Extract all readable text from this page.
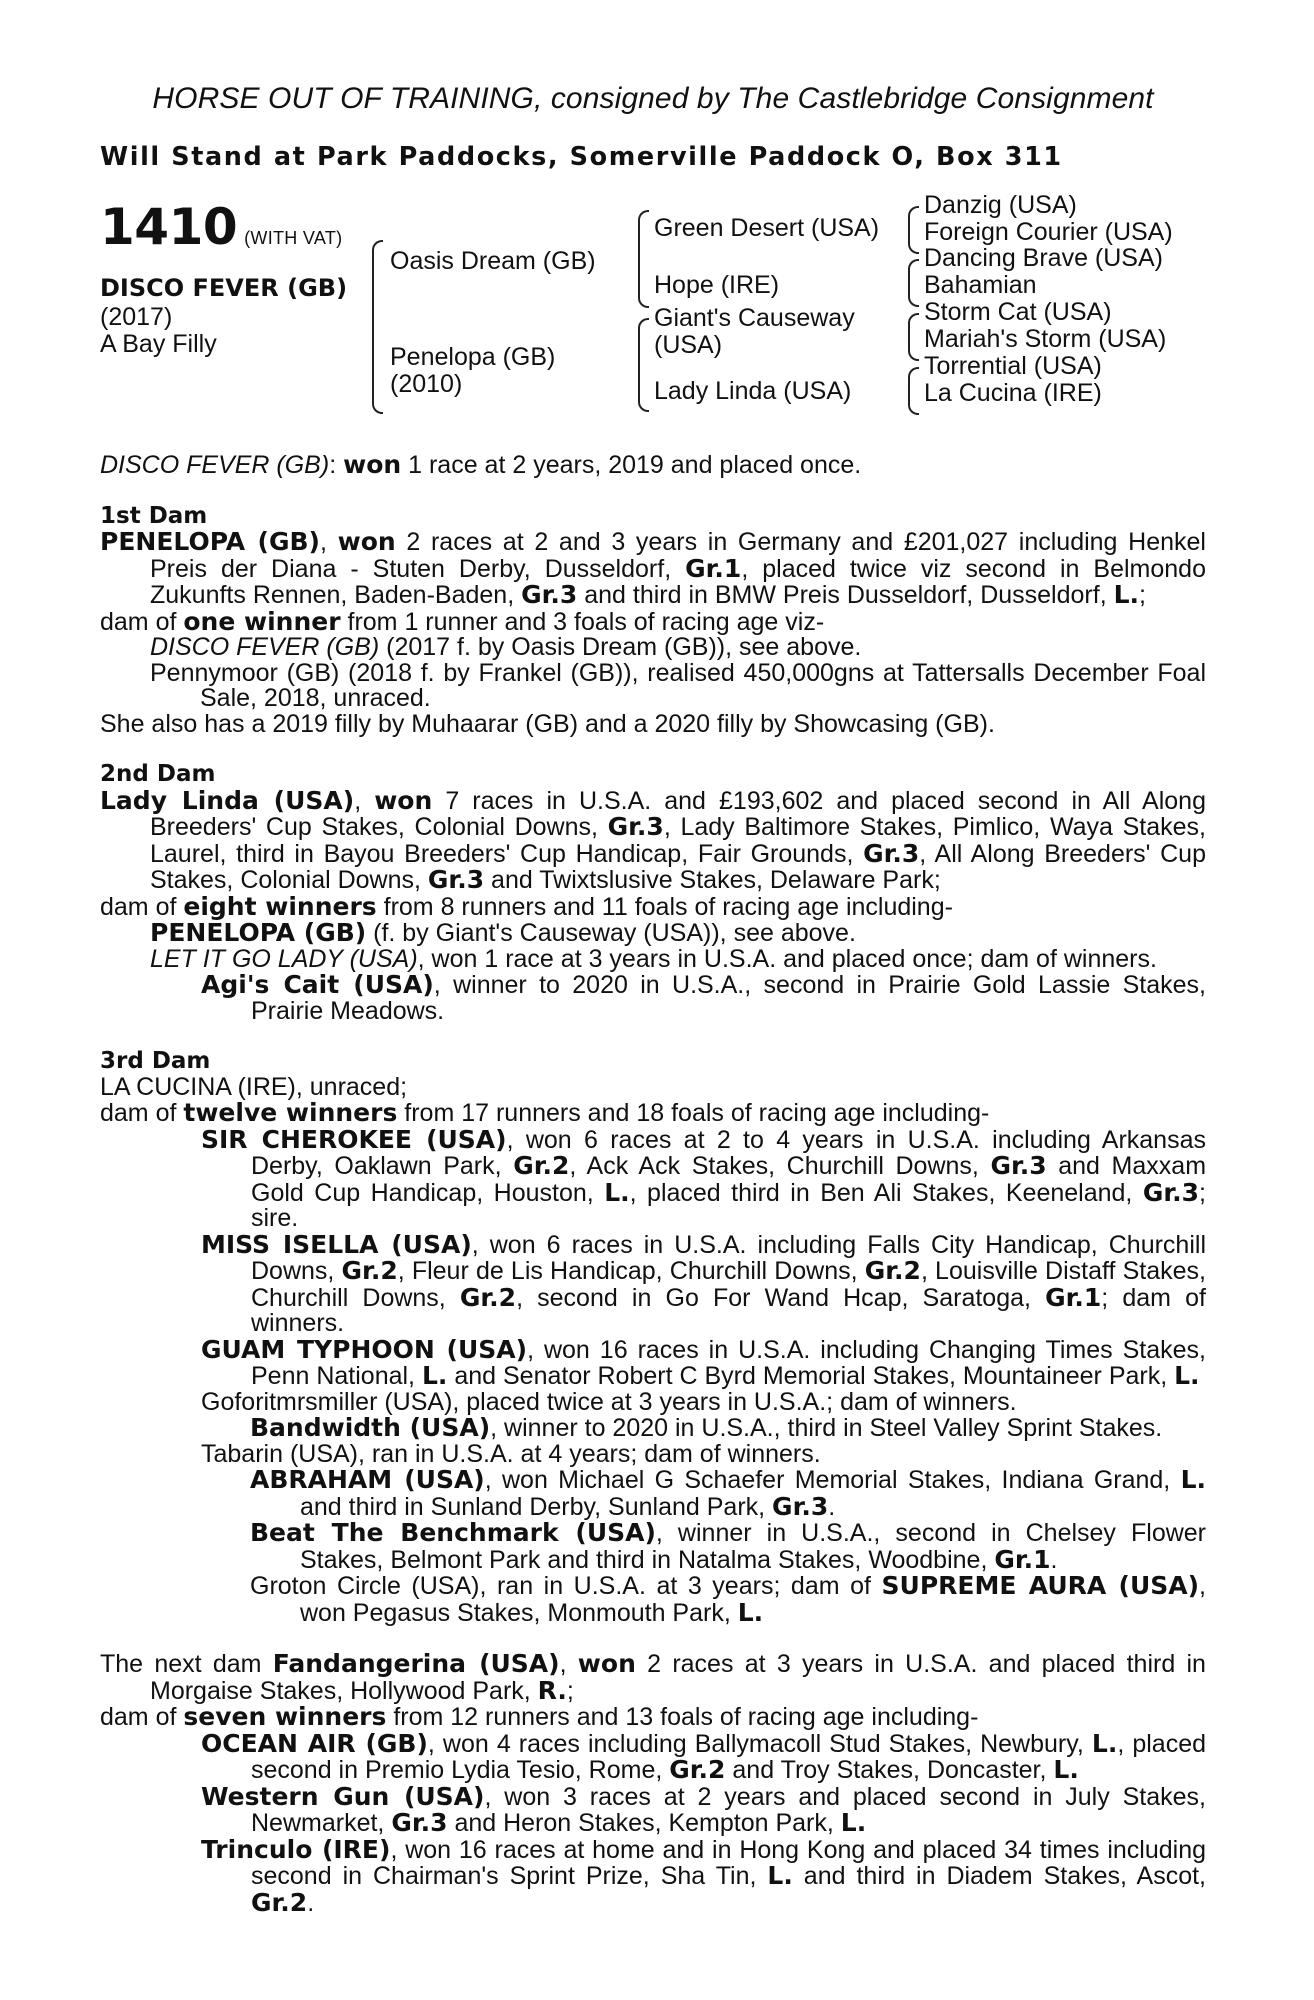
HORSE OUT OF TRAINING, consigned by The Castlebridge Consignment
Will Stand at Park Paddocks, Somerville Paddock O, Box 311
1410 (WITH VAT)
DISCO FEVER (GB)
(2017)
A Bay Filly
Oasis Dream (GB)
Penelopa (GB)
(2010)
Green Desert (USA)
Hope (IRE)
Giant's Causeway
(USA)
Lady Linda (USA)
Danzig (USA)
Foreign Courier (USA)
Dancing Brave (USA)
Bahamian
Storm Cat (USA)
Mariah's Storm (USA)
Torrential (USA)
La Cucina (IRE)

DISCO FEVER (GB): won 1 race at 2 years, 2019 and placed once.

1st Dam

PENELOPA (GB), won 2 races at 2 and 3 years in Germany and £201,027 including Henkel Preis der Diana - Stuten Derby, Dusseldorf, Gr.1, placed twice viz second in Belmondo Zukunfts Rennen, Baden-Baden, Gr.3 and third in BMW Preis Dusseldorf, Dusseldorf, L.;

dam of one winner from 1 runner and 3 foals of racing age viz-

DISCO FEVER (GB) (2017 f. by Oasis Dream (GB)), see above.

Pennymoor (GB) (2018 f. by Frankel (GB)), realised 450,000gns at Tattersalls December Foal Sale, 2018, unraced.

She also has a 2019 filly by Muhaarar (GB) and a 2020 filly by Showcasing (GB).

2nd Dam

Lady Linda (USA), won 7 races in U.S.A. and £193,602 and placed second in All Along Breeders' Cup Stakes, Colonial Downs, Gr.3, Lady Baltimore Stakes, Pimlico, Waya Stakes, Laurel, third in Bayou Breeders' Cup Handicap, Fair Grounds, Gr.3, All Along Breeders' Cup Stakes, Colonial Downs, Gr.3 and Twixtslusive Stakes, Delaware Park;

dam of eight winners from 8 runners and 11 foals of racing age including-

PENELOPA (GB) (f. by Giant's Causeway (USA)), see above.

LET IT GO LADY (USA), won 1 race at 3 years in U.S.A. and placed once; dam of winners.

Agi's Cait (USA), winner to 2020 in U.S.A., second in Prairie Gold Lassie Stakes, Prairie Meadows.

3rd Dam

LA CUCINA (IRE), unraced;

dam of twelve winners from 17 runners and 18 foals of racing age including-

SIR CHEROKEE (USA), won 6 races at 2 to 4 years in U.S.A. including Arkansas Derby, Oaklawn Park, Gr.2, Ack Ack Stakes, Churchill Downs, Gr.3 and Maxxam Gold Cup Handicap, Houston, L., placed third in Ben Ali Stakes, Keeneland, Gr.3; sire.

MISS ISELLA (USA), won 6 races in U.S.A. including Falls City Handicap, Churchill Downs, Gr.2, Fleur de Lis Handicap, Churchill Downs, Gr.2, Louisville Distaff Stakes, Churchill Downs, Gr.2, second in Go For Wand Hcap, Saratoga, Gr.1; dam of winners.

GUAM TYPHOON (USA), won 16 races in U.S.A. including Changing Times Stakes, Penn National, L. and Senator Robert C Byrd Memorial Stakes, Mountaineer Park, L.

Goforitmrsmiller (USA), placed twice at 3 years in U.S.A.; dam of winners.

Bandwidth (USA), winner to 2020 in U.S.A., third in Steel Valley Sprint Stakes.

Tabarin (USA), ran in U.S.A. at 4 years; dam of winners.

ABRAHAM (USA), won Michael G Schaefer Memorial Stakes, Indiana Grand, L. and third in Sunland Derby, Sunland Park, Gr.3.

Beat The Benchmark (USA), winner in U.S.A., second in Chelsey Flower Stakes, Belmont Park and third in Natalma Stakes, Woodbine, Gr.1.

Groton Circle (USA), ran in U.S.A. at 3 years; dam of SUPREME AURA (USA), won Pegasus Stakes, Monmouth Park, L.

The next dam Fandangerina (USA), won 2 races at 3 years in U.S.A. and placed third in Morgaise Stakes, Hollywood Park, R.;

dam of seven winners from 12 runners and 13 foals of racing age including-

OCEAN AIR (GB), won 4 races including Ballymacoll Stud Stakes, Newbury, L., placed second in Premio Lydia Tesio, Rome, Gr.2 and Troy Stakes, Doncaster, L.

Western Gun (USA), won 3 races at 2 years and placed second in July Stakes, Newmarket, Gr.3 and Heron Stakes, Kempton Park, L.

Trinculo (IRE), won 16 races at home and in Hong Kong and placed 34 times including second in Chairman's Sprint Prize, Sha Tin, L. and third in Diadem Stakes, Ascot, Gr.2.
